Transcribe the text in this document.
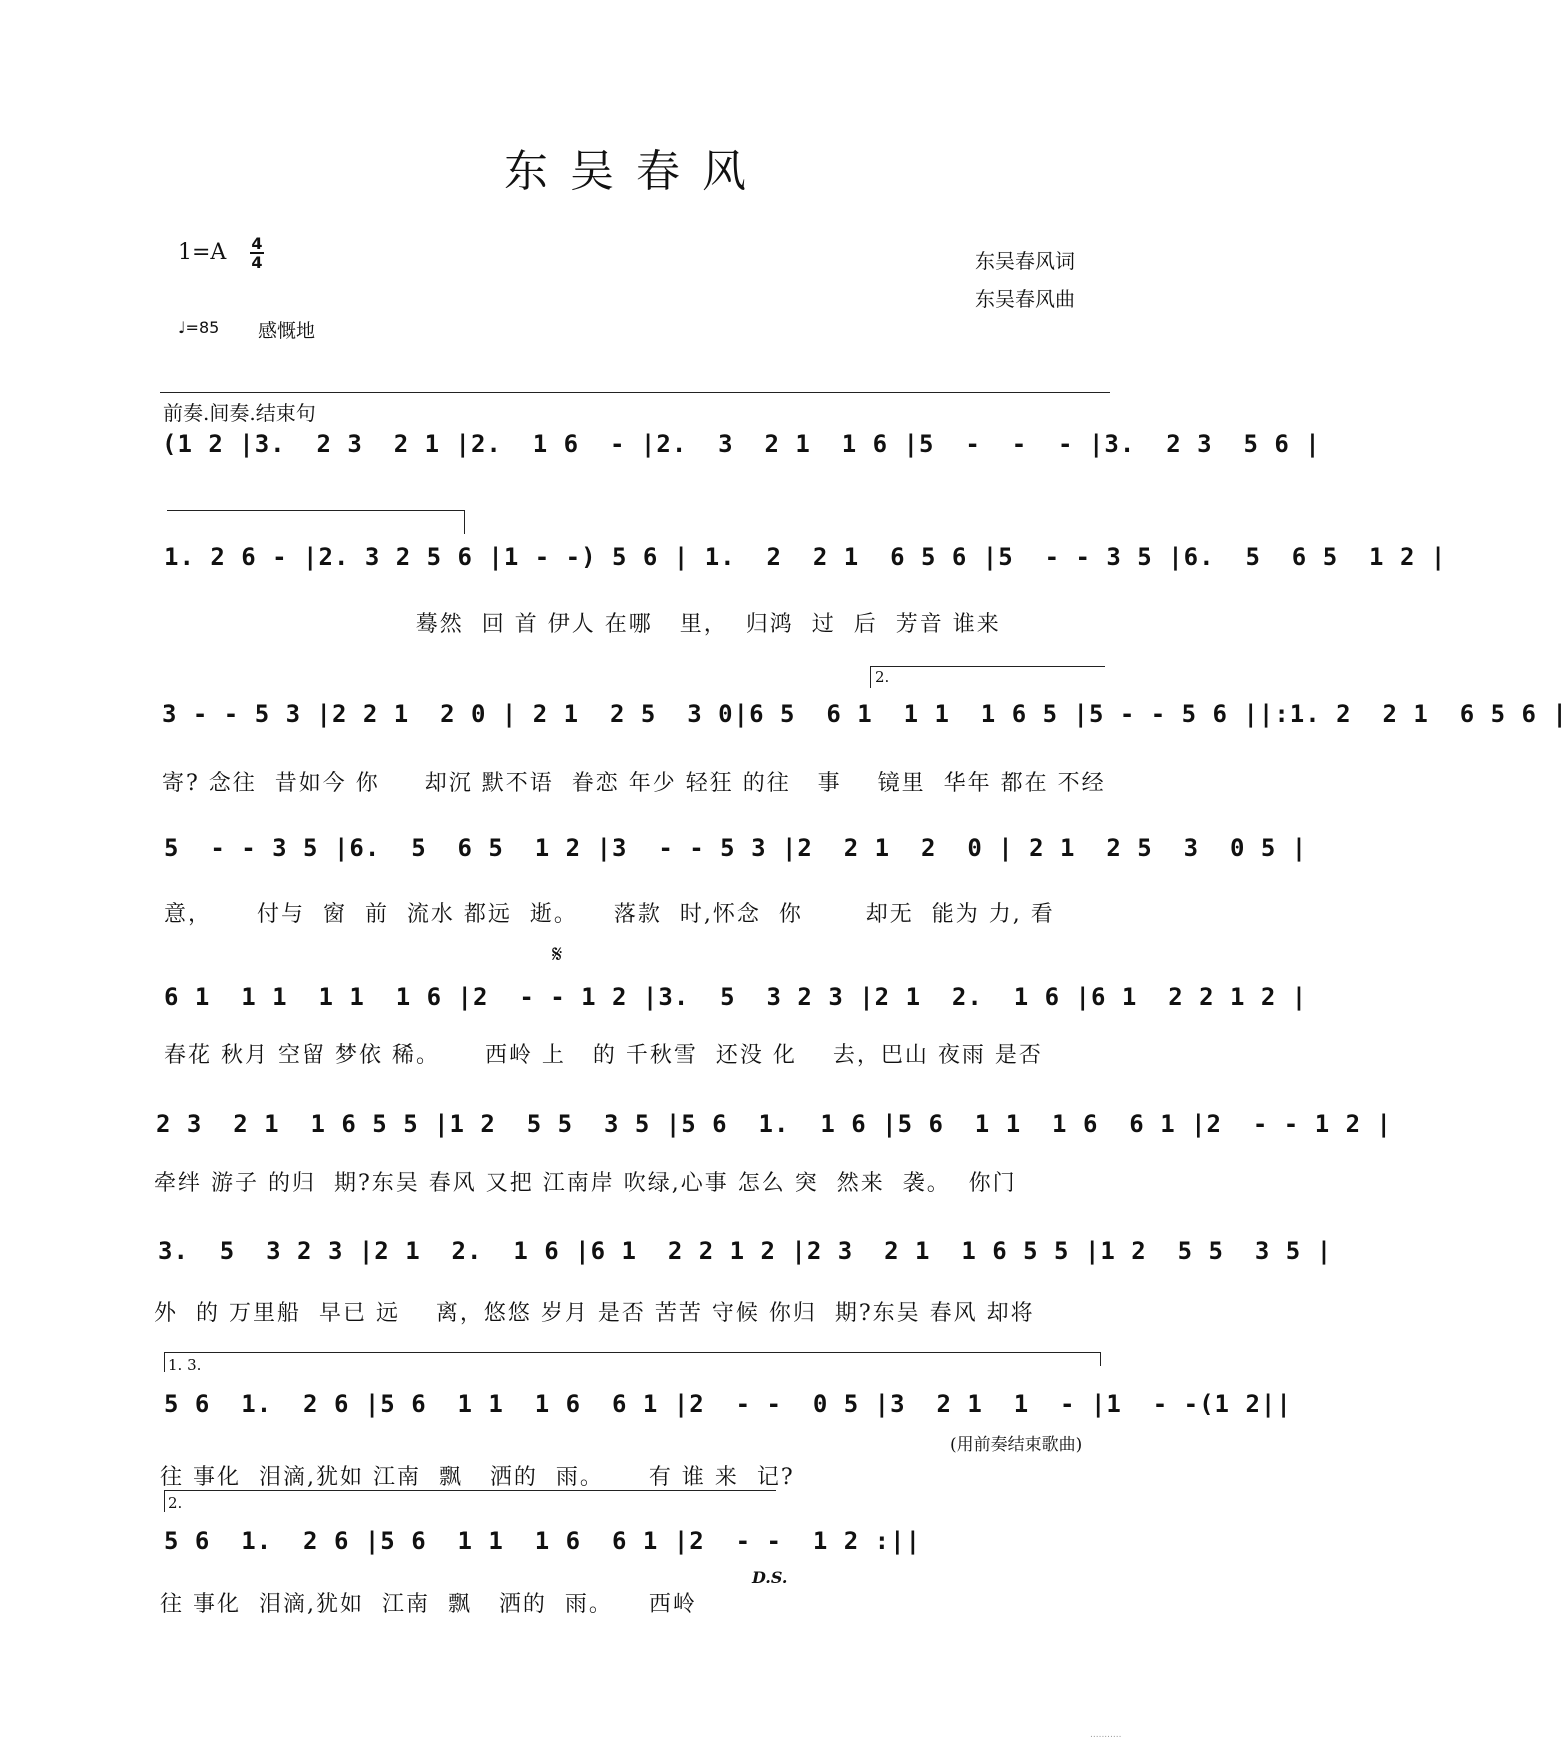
东吴春风
1=A 4
4
♩=85 感慨地
东吴春风词
东吴春风曲
前奏.间奏.结束句
(1 2 |3.  2 3  2 1 |2.  1 6  - |2.  3  2 1  1 6 |5  -  -  - |3.  2 3  5 6 |
1. 2 6 - |2. 3 2 5 6 |1 - -) 5 6 | 1.  2  2 1  6 5 6 |5  - - 3 5 |6.  5  6 5  1 2 |
蓦然  回 首 伊人 在哪   里，  归鸿  过  后  芳音 谁来
2.
3 - - 5 3 |2 2 1  2 0 | 2 1  2 5  3 0|6 5  6 1  1 1  1 6 5 |5 - - 5 6 ||:1. 2  2 1  6 5 6 |
寄? 念往  昔如今 你     却沉 默不语  眷恋 年少 轻狂 的往   事    镜里  华年 都在 不经
5  - - 3 5 |6.  5  6 5  1 2 |3  - - 5 3 |2  2 1  2  0 | 2 1  2 5  3  0 5 |
意，     付与  窗  前  流水 都远  逝。    落款  时,怀念  你       却无  能为 力, 看
𝄋
6 1  1 1  1 1  1 6 |2  - - 1 2 |3.  5  3 2 3 |2 1  2.  1 6 |6 1  2 2 1 2 |
春花 秋月 空留 梦依 稀。     西岭 上   的 千秋雪  还没 化    去，巴山 夜雨 是否
2 3  2 1  1 6 5 5 |1 2  5 5  3 5 |5 6  1.  1 6 |5 6  1 1  1 6  6 1 |2  - - 1 2 |
牵绊 游子 的归  期?东吴 春风 又把 江南岸 吹绿,心事 怎么 突  然来  袭。  你门
3.  5  3 2 3 |2 1  2.  1 6 |6 1  2 2 1 2 |2 3  2 1  1 6 5 5 |1 2  5 5  3 5 |
外  的 万里船  早已 远    离，悠悠 岁月 是否 苦苦 守候 你归  期?东吴 春风 却将
1. 3.
5 6  1.  2 6 |5 6  1 1  1 6  6 1 |2  - -  0 5 |3  2 1  1  - |1  - -(1 2||
(用前奏结束歌曲)
往 事化  泪滴,犹如 江南  飘   洒的  雨。     有 谁 来  记?
2.
5 6  1.  2 6 |5 6  1 1  1 6  6 1 |2  - -  1 2 :||
D.S.
往 事化  泪滴,犹如  江南  飘   洒的  雨。    西岭
...........
